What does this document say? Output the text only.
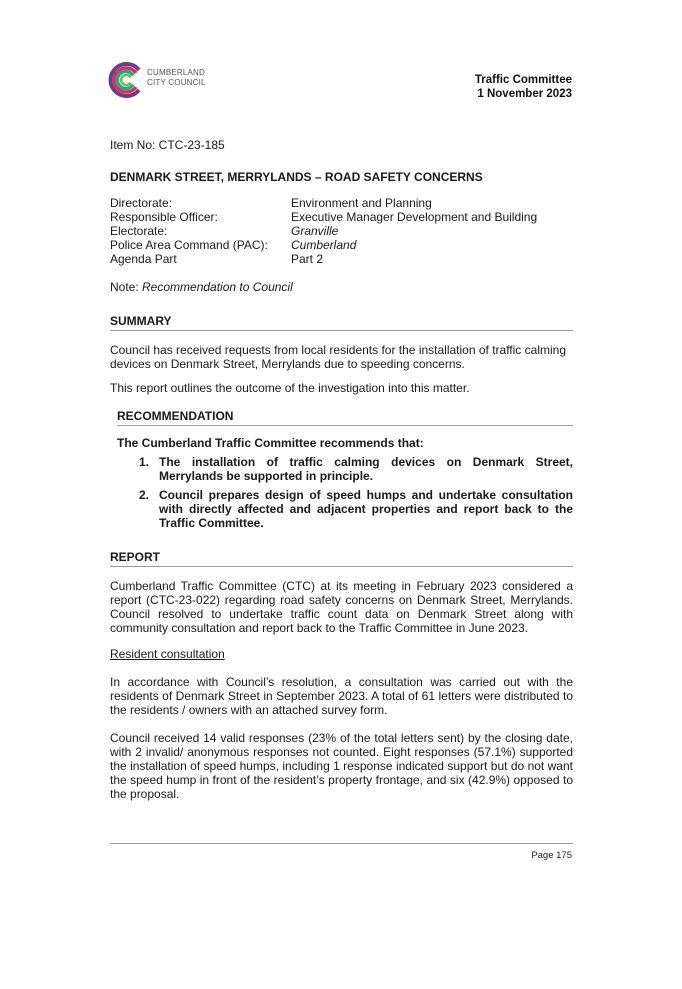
CUMBERLAND
CITY COUNCIL	Traffic Committee
1 November 2023

Item No: CTC-23-185

DENMARK STREET, MERRYLANDS – ROAD SAFETY CONCERNS

Directorate:	Environment and Planning
Responsible Officer:	Executive Manager Development and Building
Electorate:	Granville
Police Area Command (PAC):	Cumberland
Agenda Part	Part 2

Note: Recommendation to Council

SUMMARY

Council has received requests from local residents for the installation of traffic calming devices on Denmark Street, Merrylands due to speeding concerns.

This report outlines the outcome of the investigation into this matter.

RECOMMENDATION

The Cumberland Traffic Committee recommends that:

1. The installation of traffic calming devices on Denmark Street, Merrylands be supported in principle.
2. Council prepares design of speed humps and undertake consultation with directly affected and adjacent properties and report back to the Traffic Committee.
REPORT

Cumberland Traffic Committee (CTC) at its meeting in February 2023 considered a report (CTC-23-022) regarding road safety concerns on Denmark Street, Merrylands. Council resolved to undertake traffic count data on Denmark Street along with community consultation and report back to the Traffic Committee in June 2023.

Resident consultation

In accordance with Council’s resolution, a consultation was carried out with the residents of Denmark Street in September 2023. A total of 61 letters were distributed to the residents / owners with an attached survey form.

Council received 14 valid responses (23% of the total letters sent) by the closing date, with 2 invalid/ anonymous responses not counted. Eight responses (57.1%) supported the installation of speed humps, including 1 response indicated support but do not want the speed hump in front of the resident’s property frontage, and six (42.9%) opposed to the proposal.

Page 175
